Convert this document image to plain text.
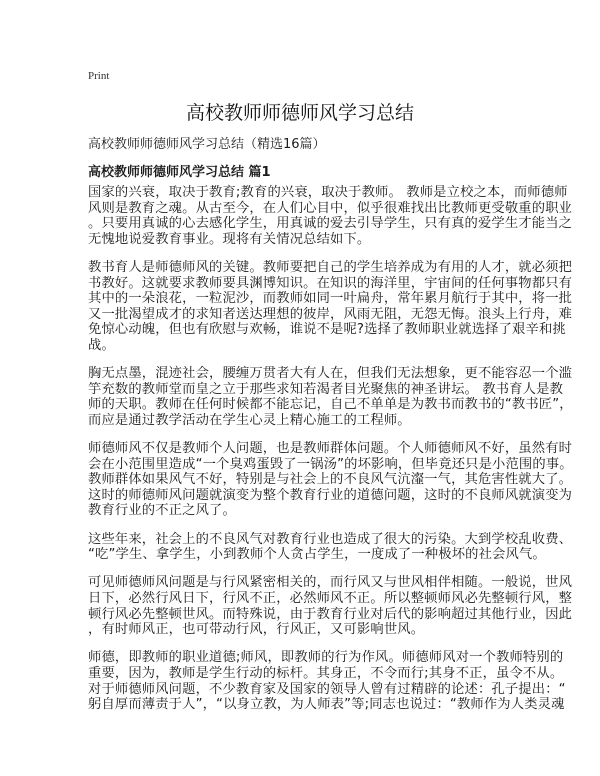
Print
高校教师师德师风学习总结
高校教师师德师风学习总结（精选16篇）
高校教师师德师风学习总结 篇1

国家的兴衰，取决于教育;教育的兴衰，取决于教师。 教师是立校之本，而师德师
风则是教育之魂。从古至今，在人们心目中，似乎很难找出比教师更受敬重的职业
。只要用真诚的心去感化学生，用真诚的爱去引导学生，只有真的爱学生才能当之
无愧地说爱教育事业。现将有关情况总结如下。

教书育人是师德师风的关键。教师要把自己的学生培养成为有用的人才，就必须把
书教好。这就要求教师要具渊博知识。在知识的海洋里，宇宙间的任何事物都只有
其中的一朵浪花，一粒泥沙，而教师如同一叶扁舟，常年累月航行于其中，将一批
又一批渴望成才的求知者送达理想的彼岸，风雨无阻，无怨无悔。浪头上行舟，难
免惊心动魄，但也有欣慰与欢畅，谁说不是呢?选择了教师职业就选择了艰辛和挑
战。

胸无点墨，混迹社会，腰缠万贯者大有人在，但我们无法想象，更不能容忍一个滥
竽充数的教师堂而皇之立于那些求知若渴者目光聚焦的神圣讲坛。 教书育人是教
师的天职。教师在任何时候都不能忘记，自己不单单是为教书而教书的“教书匠”，
而应是通过教学活动在学生心灵上精心施工的工程师。

师德师风不仅是教师个人问题，也是教师群体问题。个人师德师风不好，虽然有时
会在小范围里造成“一个臭鸡蛋毁了一锅汤”的坏影响，但毕竟还只是小范围的事。
教师群体如果风气不好，特别是与社会上的不良风气沆瀣一气，其危害性就大了。
这时的师德师风问题就演变为整个教育行业的道德问题，这时的不良师风就演变为
教育行业的不正之风了。

这些年来，社会上的不良风气对教育行业也造成了很大的污染。大到学校乱收费、
“吃”学生、拿学生，小到教师个人贪占学生，一度成了一种极坏的社会风气。

可见师德师风问题是与行风紧密相关的，而行风又与世风相伴相随。一般说，世风
日下，必然行风日下，行风不正，必然师风不正。所以整顿师风必先整顿行风，整
顿行风必先整顿世风。而特殊说，由于教育行业对后代的影响超过其他行业，因此
，有时师风正，也可带动行风，行风正，又可影响世风。

师德，即教师的职业道德;师风，即教师的行为作风。师德师风对一个教师特别的
重要，因为，教师是学生行动的标杆。其身正，不令而行;其身不正，虽令不从。
对于师德师风问题，不少教育家及国家的领导人曾有过精辟的论述：孔子提出：“
躬自厚而薄责于人”，“以身立教，为人师表”等;同志也说过：“教师作为人类灵魂
